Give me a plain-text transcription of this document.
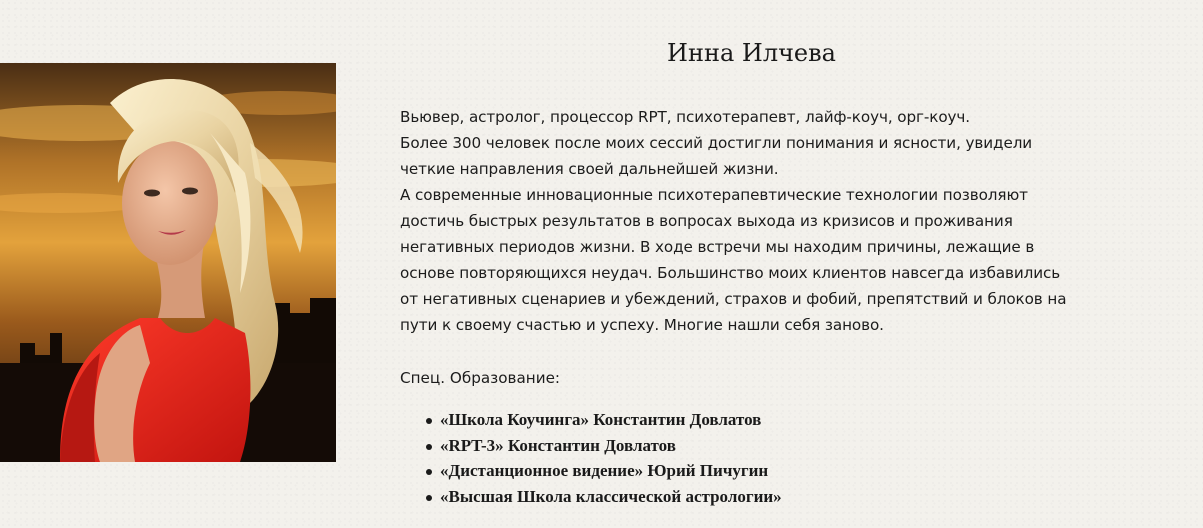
Инна Илчева
Вьювер, астролог, процессор RPT, психотерапевт, лайф-коуч, орг-коуч.
Более 300 человек после моих сессий достигли понимания и ясности, увидели
четкие направления своей дальнейшей жизни.
А современные инновационные психотерапевтические технологии позволяют
достичь быстрых результатов в вопросах выхода из кризисов и проживания
негативных периодов жизни. В ходе встречи мы находим причины, лежащие в
основе повторяющихся неудач. Большинство моих клиентов навсегда избавились
от негативных сценариев и убеждений, страхов и фобий, препятствий и блоков на
пути к своему счастью и успеху. Многие нашли себя заново.

Спец. Образование:

«Школа Коучинга» Константин Довлатов
«RPT-3» Константин Довлатов
«Дистанционное видение» Юрий Пичугин
«Высшая Школа классической астрологии»
